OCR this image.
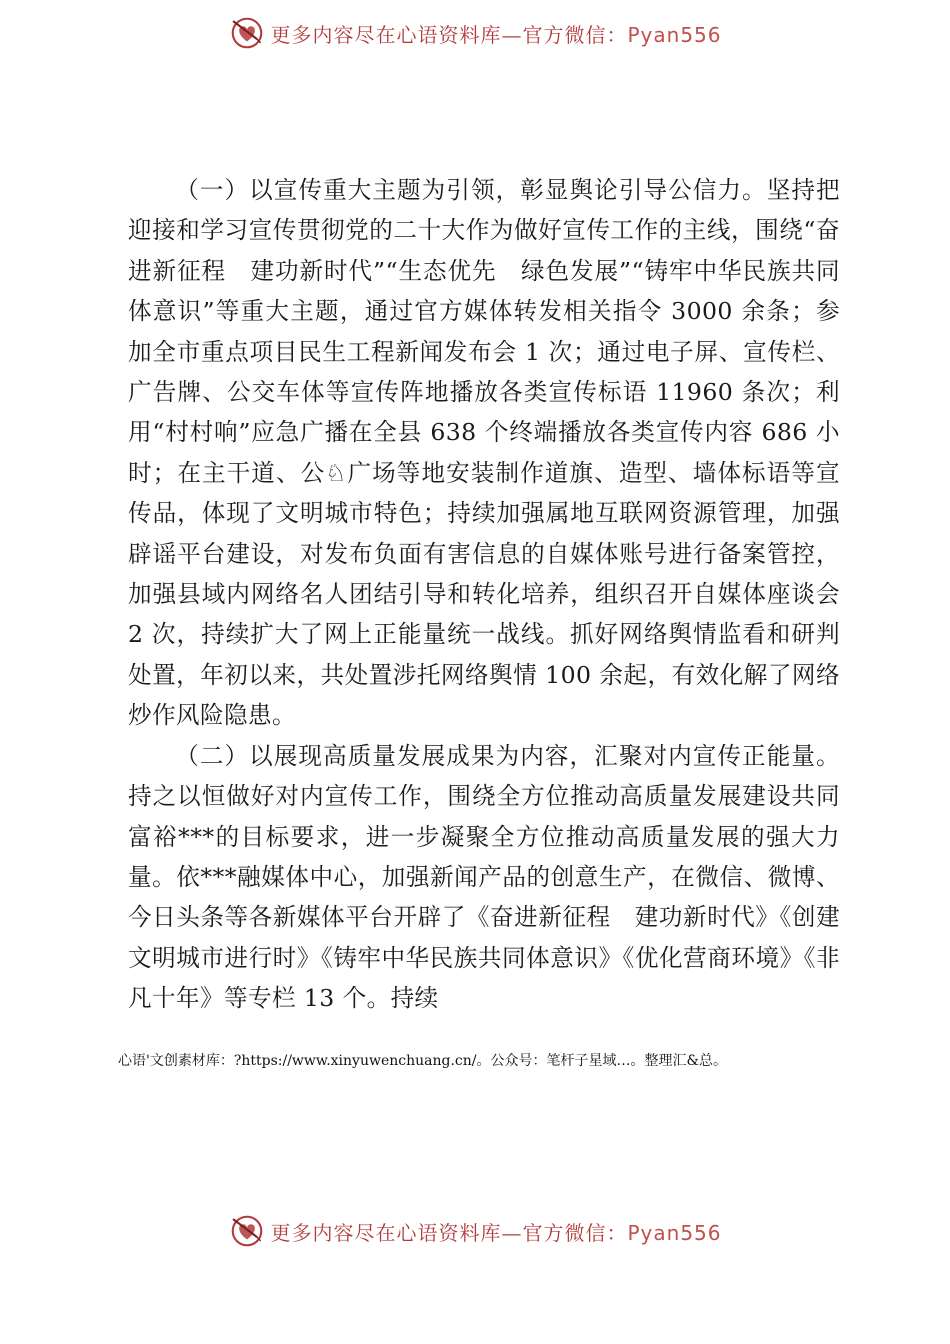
更多内容尽在心语资料库—官方微信：Pyan556

（一）以宣传重大主题为引领，彰显舆论引导公信力。坚持把迎接和学习宣传贯彻党的二十大作为做好宣传工作的主线，围绕“奋进新征程　建功新时代”“生态优先　绿色发展”“铸牢中华民族共同体意识”等重大主题，通过官方媒体转发相关指令 3000 余条；参加全市重点项目民生工程新闻发布会 1 次；通过电子屏、宣传栏、广告牌、公交车体等宣传阵地播放各类宣传标语 11960 条次；利用“村村响”应急广播在全县 638 个终端播放各类宣传内容 686 小时；在主干道、公♘广场等地安装制作道旗、造型、墙体标语等宣传品，体现了文明城市特色；持续加强属地互联网资源管理，加强辟谣平台建设，对发布负面有害信息的自媒体账号进行备案管控，加强县域内网络名人团结引导和转化培养，组织召开自媒体座谈会 2 次，持续扩大了网上正能量统一战线。抓好网络舆情监看和研判处置，年初以来，共处置涉托网络舆情 100 余起，有效化解了网络炒作风险隐患。

（二）以展现高质量发展成果为内容，汇聚对内宣传正能量。持之以恒做好对内宣传工作，围绕全方位推动高质量发展建设共同富裕***的目标要求，进一步凝聚全方位推动高质量发展的强大力量。依***融媒体中心，加强新闻产品的创意生产，在微信、微博、今日头条等各新媒体平台开辟了《奋进新征程　建功新时代》《创建文明城市进行时》《铸牢中华民族共同体意识》《优化营商环境》《非凡十年》等专栏 13 个。持续

心语'文创素材库：?https://www.xinyuwenchuang.cn/。公众号：笔杆子星域…。整理汇&总。
更多内容尽在心语资料库—官方微信：Pyan556
